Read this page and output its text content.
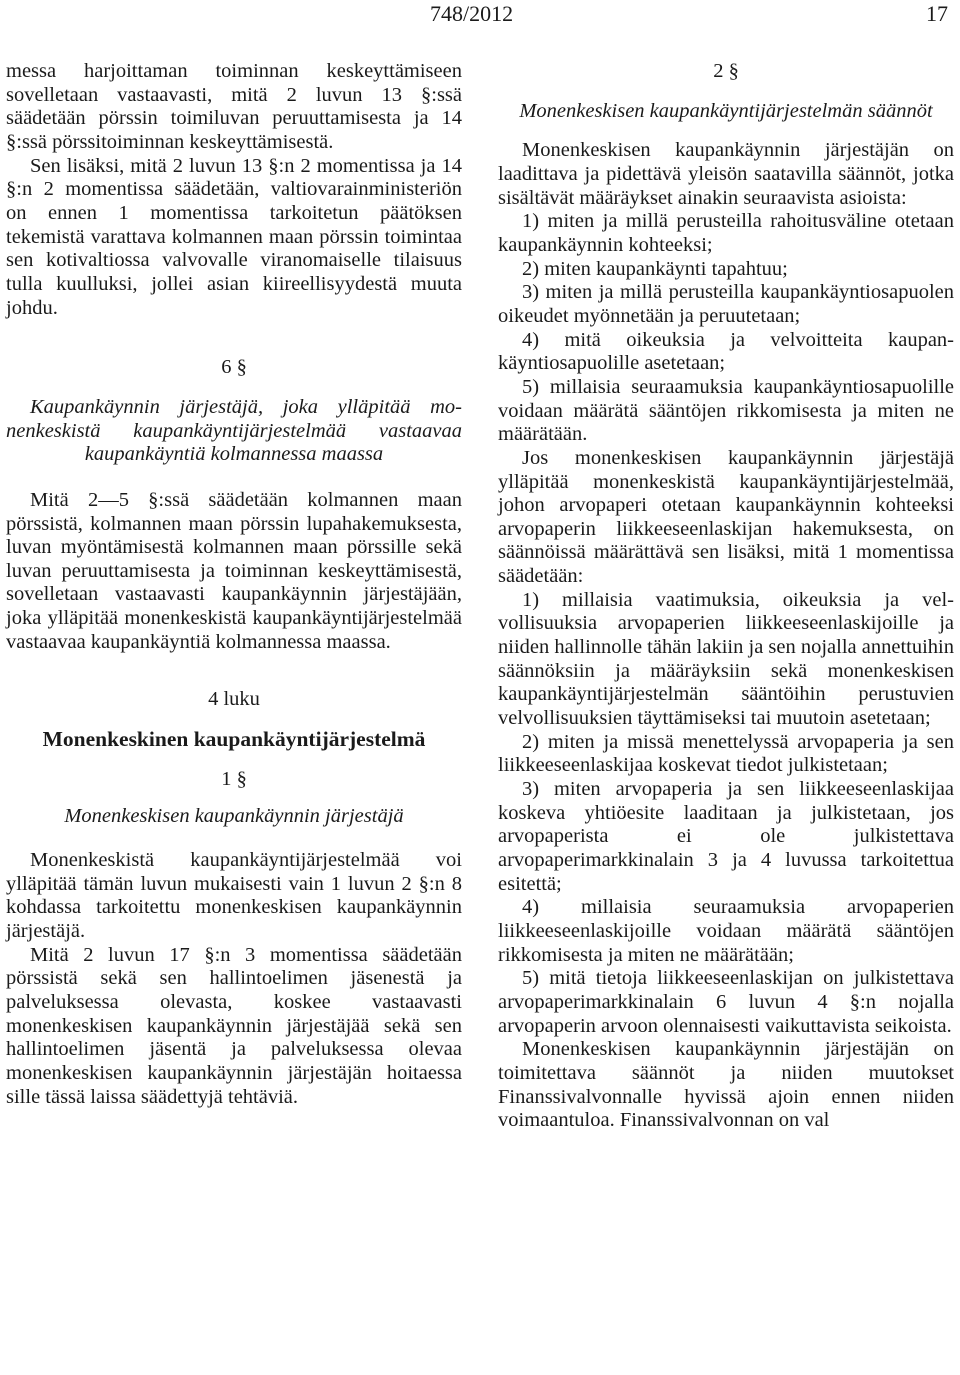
748/2012	17

messa harjoittaman toiminnan keskeyttämiseen sovelletaan vastaavasti, mitä 2 luvun 13 §:ssä säädetään pörssin toimiluvan peruuttamisesta ja 14 §:ssä pörssitoiminnan keskeyttämisestä.

Sen lisäksi, mitä 2 luvun 13 §:n 2 momentissa ja 14 §:n 2 momentissa säädetään, valtiovarainministeriön on ennen 1 momentissa tarkoitetun päätöksen tekemistä varattava kolmannen maan pörssin toimintaa sen kotivaltiossa valvovalle viranomaiselle tilaisuus tulla kuulluksi, jollei asian kiireellisyydestä muuta johdu.

6 §

Kaupankäynnin järjestäjä, joka ylläpitää monenkeskistä kaupankäyntijärjestelmää vastaavaa kaupankäyntiä kolmannessa maassa

Mitä 2—5 §:ssä säädetään kolmannen maan pörssistä, kolmannen maan pörssin lupahakemuksesta, luvan myöntämisestä kolmannen maan pörssille sekä luvan peruuttamisesta ja toiminnan keskeyttämisestä, sovelletaan vastaavasti kaupankäynnin järjestäjään, joka ylläpitää monenkeskistä kaupankäyntijärjestelmää vastaavaa kaupankäyntiä kolmannessa maassa.

4 luku

Monenkeskinen kaupankäyntijärjestelmä

1 §

Monenkeskisen kaupankäynnin järjestäjä

Monenkeskistä kaupankäyntijärjestelmää voi ylläpitää tämän luvun mukaisesti vain 1 luvun 2 §:n 8 kohdassa tarkoitettu monenkeskisen kaupankäynnin järjestäjä.

Mitä 2 luvun 17 §:n 3 momentissa säädetään pörssistä sekä sen hallintoelimen jäsenestä ja palveluksessa olevasta, koskee vastaavasti monenkeskisen kaupankäynnin järjestäjää sekä sen hallintoelimen jäsentä ja palveluksessa olevaa monenkeskisen kaupankäynnin järjestäjän hoitaessa sille tässä laissa säädettyjä tehtäviä.

2 §

Monenkeskisen kaupankäyntijärjestelmän säännöt

Monenkeskisen kaupankäynnin järjestäjän on laadittava ja pidettävä yleisön saatavilla säännöt, jotka sisältävät määräykset ainakin seuraavista asioista:

1) miten ja millä perusteilla rahoitusväline otetaan kaupankäynnin kohteeksi;

2) miten kaupankäynti tapahtuu;

3) miten ja millä perusteilla kaupankäyntiosapuolen oikeudet myönnetään ja peruutetaan;

4) mitä oikeuksia ja velvoitteita kaupankäyntiosapuolille asetetaan;

5) millaisia seuraamuksia kaupankäyntiosapuolille voidaan määrätä sääntöjen rikkomisesta ja miten ne määrätään.

Jos monenkeskisen kaupankäynnin järjestäjä ylläpitää monenkeskistä kaupankäyntijärjestelmää, johon arvopaperi otetaan kaupankäynnin kohteeksi arvopaperin liikkeeseenlaskijan hakemuksesta, on säännöissä määrättävä sen lisäksi, mitä 1 momentissa säädetään:

1) millaisia vaatimuksia, oikeuksia ja velvollisuuksia arvopaperien liikkeeseenlaskijoille ja niiden hallinnolle tähän lakiin ja sen nojalla annettuihin säännöksiin ja määräyksiin sekä monenkeskisen kaupankäyntijärjestelmän sääntöihin perustuvien velvollisuuksien täyttämiseksi tai muutoin asetetaan;

2) miten ja missä menettelyssä arvopaperia ja sen liikkeeseenlaskijaa koskevat tiedot julkistetaan;

3) miten arvopaperia ja sen liikkeeseenlaskijaa koskeva yhtiöesite laaditaan ja julkistetaan, jos arvopaperista ei ole julkistettava arvopaperimarkkinalain 3 ja 4 luvussa tarkoitettua esitettä;

4) millaisia seuraamuksia arvopaperien liikkeeseenlaskijoille voidaan määrätä sääntöjen rikkomisesta ja miten ne määrätään;

5) mitä tietoja liikkeeseenlaskijan on julkistettava arvopaperimarkkinalain 6 luvun 4 §:n nojalla arvopaperin arvoon olennaisesti vaikuttavista seikoista.

Monenkeskisen kaupankäynnin järjestäjän on toimitettava säännöt ja niiden muutokset Finanssivalvonnalle hyvissä ajoin ennen niiden voimaantuloa. Finanssivalvonnan on val
